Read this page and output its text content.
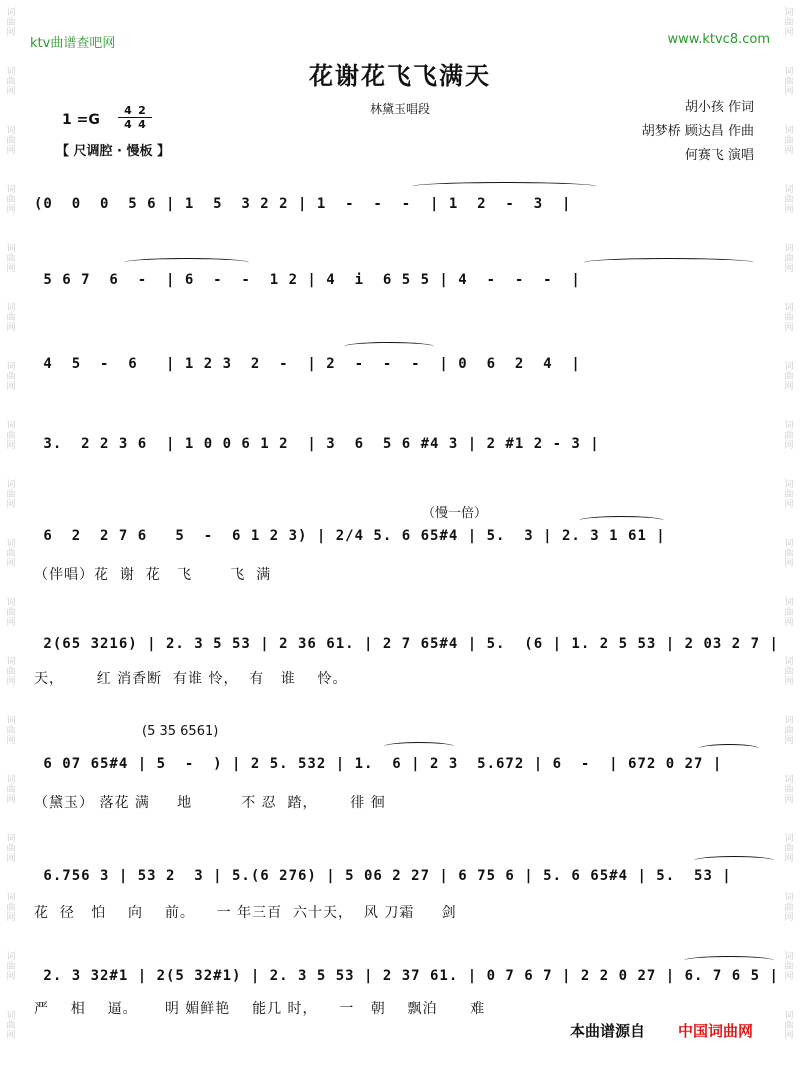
词
曲
网
词
曲
网
词
曲
网
词
曲
网
词
曲
网
词
曲
网
词
曲
网
词
曲
网
词
曲
网
词
曲
网
词
曲
网
词
曲
网
词
曲
网
词
曲
网
词
曲
网
词
曲
网
词
曲
网
词
曲
网
词
曲
网
词
曲
网
词
曲
网
词
曲
网
词
曲
网
词
曲
网
词
曲
网
词
曲
网
词
曲
网
词
曲
网
词
曲
网
词
曲
网
词
曲
网
词
曲
网
词
曲
网
词
曲
网
词
曲
网
词
曲
网
ktv曲谱查吧网	www.ktvc8.com
花谢花飞飞满天
林黛玉唱段
1 =G
4 2
4 4
【 尺调腔 · 慢板 】
胡小孩 作词
胡梦桥 顾达昌 作曲
何赛飞 演唱
(0  0  0  5 6 | 1  5  3 2 2 | 1  -  -  -  | 1  2  -  3  |
5 6 7  6  -  | 6  -  -  1 2 | 4  i  6 5 5 | 4  -  -  -  |
4  5  -  6   | 1 2 3  2  -  | 2  -  -  -  | 0  6  2  4  |
3.  2 2 3 6  | 1 0 0 6 1 2  | 3  6  5 6 #4 3 | 2 #1 2 - 3 |
（慢一倍）
6  2  2 7 6   5  -  6 1 2 3) | 2/4 5. 6 65#4 | 5.  3 | 2. 3 1 61 |
（伴唱）花  谢  花   飞       飞  满
2(65 3216) | 2. 3 5 53 | 2 36 61. | 2 7 65#4 | 5.  (6 | 1. 2 5 53 | 2 03 2 7 |
天，      红 消香断  有谁 怜，  有   谁    怜。
(5 35 6561)
6 07 65#4 | 5  -  ) | 2 5. 532 | 1.  6 | 2 3  5.672 | 6  -  | 672 0 27 |
（黛玉） 落花 满     地         不 忍  踏，      徘 徊
6.756 3 | 53 2  3 | 5.(6 276) | 5 06 2 27 | 6 75 6 | 5. 6 65#4 | 5.  53 |
花  径   怕    向    前。    一 年三百  六十天，  风 刀霜     剑
2. 3 32#1 | 2(5 32#1) | 2. 3 5 53 | 2 37 61. | 0 7 6 7 | 2 2 0 27 | 6. 7 6 5 |
严    相    逼。     明 媚鲜艳    能几 时，    一   朝    飘泊      难
本曲谱源自 中国词曲网
